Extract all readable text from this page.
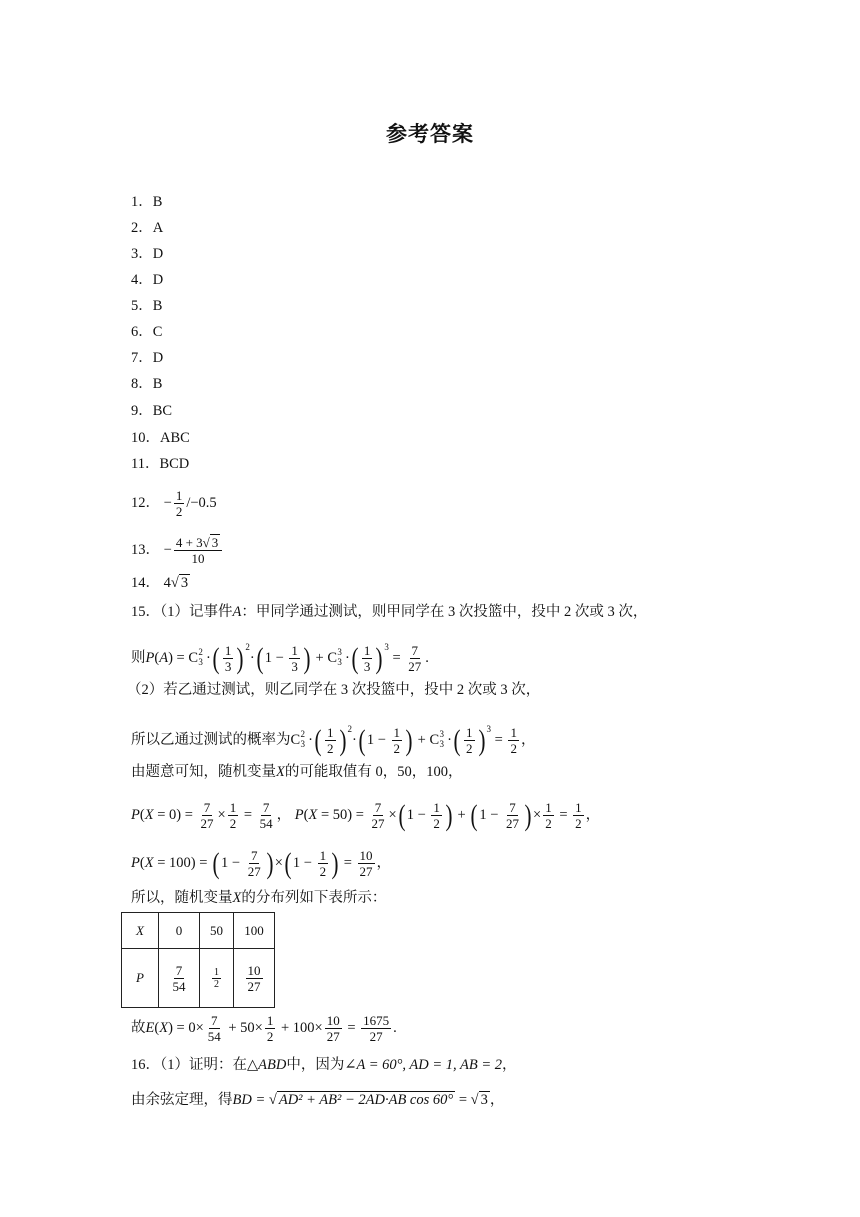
参考答案
1．B
2．A
3．D
4．D
5．B
6．C
7．D
8．B
9．BC
10．ABC
11．BCD
12． − $\frac{1}{2} /-0.5$
13． − $\frac{4 + 3√ 3}{10}$
14． 4√ 3
15．（1）记事件A：甲同学通过测试，则甲同学在 3 次投篮中，投中 2 次或 3 次，
则P(A) = C 2
3 ·( $\frac{1}{3}$ ) $^2$·( $1 - \frac{1}{3}$ ) + C 3
3 ·( $\frac{1}{3}$ ) $^3 = \frac{7}{27}$ .
（2）若乙通过测试，则乙同学在 3 次投篮中，投中 2 次或 3 次，
所以乙通过测试的概率为C 2
3 ·( $\frac{1}{2}$ ) $^2$·( $1 - \frac{1}{2}$ ) + C 3
3 ·( $\frac{1}{2}$ ) $^3 = \frac{1}{2}$ ，
由题意可知，随机变量X的可能取值有 0，50，100，
$P(X = 0) = \frac{7}{27} \times \frac{1}{2} = \frac{7}{54}$ ， $P(X = 50) = \frac{7}{27}$ ×( $1 - \frac{1}{2}$ ) + ( $1 - \frac{7}{27}$ ) × $\frac{1}{2} = \frac{1}{2}$ ，
P(X = 100) = ( $1 - \frac{7}{27}$ ) ×( $1 - \frac{1}{2}$ ) = $\frac{10}{27}$ ，
所以，随机变量X的分布列如下表所示：
X	0	50	100
P	$\frac{7}{54}$	$\frac{1}{2}$	$\frac{10}{27}$
故$E(X) = 0\times \frac{7}{54} + 50\times \frac{1}{2} + 100\times \frac{10}{27} = \frac{1675}{27}$ .
16．（1）证明：在△ABD中，因为∠A = 60°, AD = 1, AB = 2，
由余弦定理，得BD = √ AD² + AB² − 2AD·AB cos 60° = √ 3 ，
